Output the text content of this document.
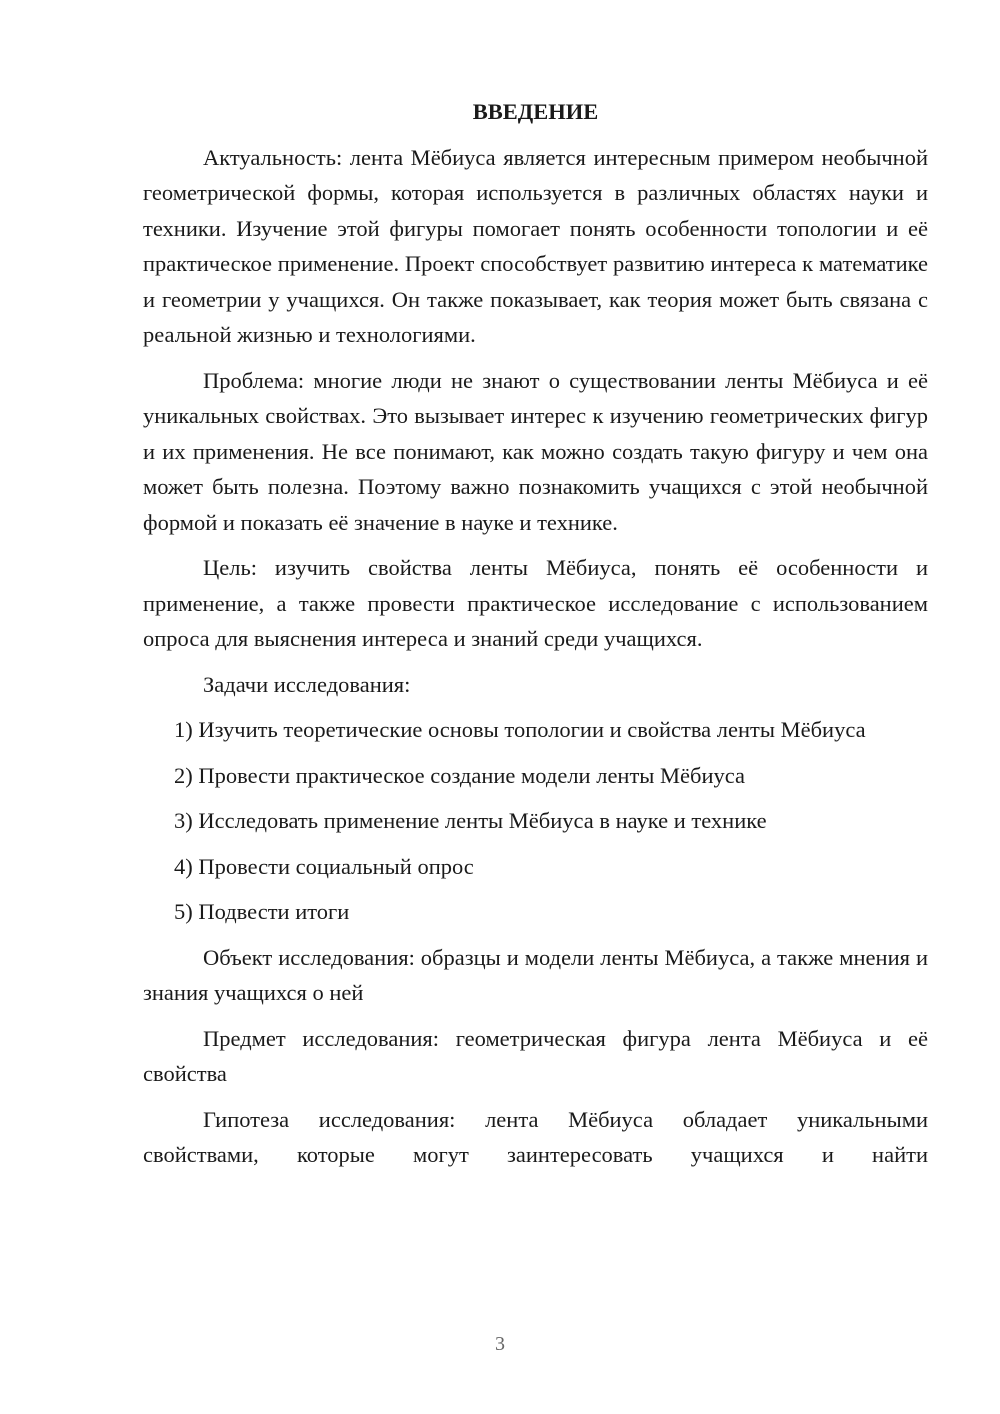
ВВЕДЕНИЕ

Актуальность: лента Мёбиуса является интересным примером необычной геометрической формы, которая используется в различных областях науки и техники. Изучение этой фигуры помогает понять особенности топологии и её практическое применение. Проект способствует развитию интереса к математике и геометрии у учащихся. Он также показывает, как теория может быть связана с реальной жизнью и технологиями.

Проблема: многие люди не знают о существовании ленты Мёбиуса и её уникальных свойствах. Это вызывает интерес к изучению геометрических фигур и их применения. Не все понимают, как можно создать такую фигуру и чем она может быть полезна. Поэтому важно познакомить учащихся с этой необычной формой и показать её значение в науке и технике.

Цель: изучить свойства ленты Мёбиуса, понять её особенности и применение, а также провести практическое исследование с использованием опроса для выяснения интереса и знаний среди учащихся.

Задачи исследования:

1) Изучить теоретические основы топологии и свойства ленты Мёбиуса
2) Провести практическое создание модели ленты Мёбиуса
3) Исследовать применение ленты Мёбиуса в науке и технике
4) Провести социальный опрос
5) Подвести итоги

Объект исследования: образцы и модели ленты Мёбиуса, а также мнения и знания учащихся о ней

Предмет исследования: геометрическая фигура лента Мёбиуса и её свойства

Гипотеза исследования: лента Мёбиуса обладает уникальными свойствами, которые могут заинтересовать учащихся и найти

3
